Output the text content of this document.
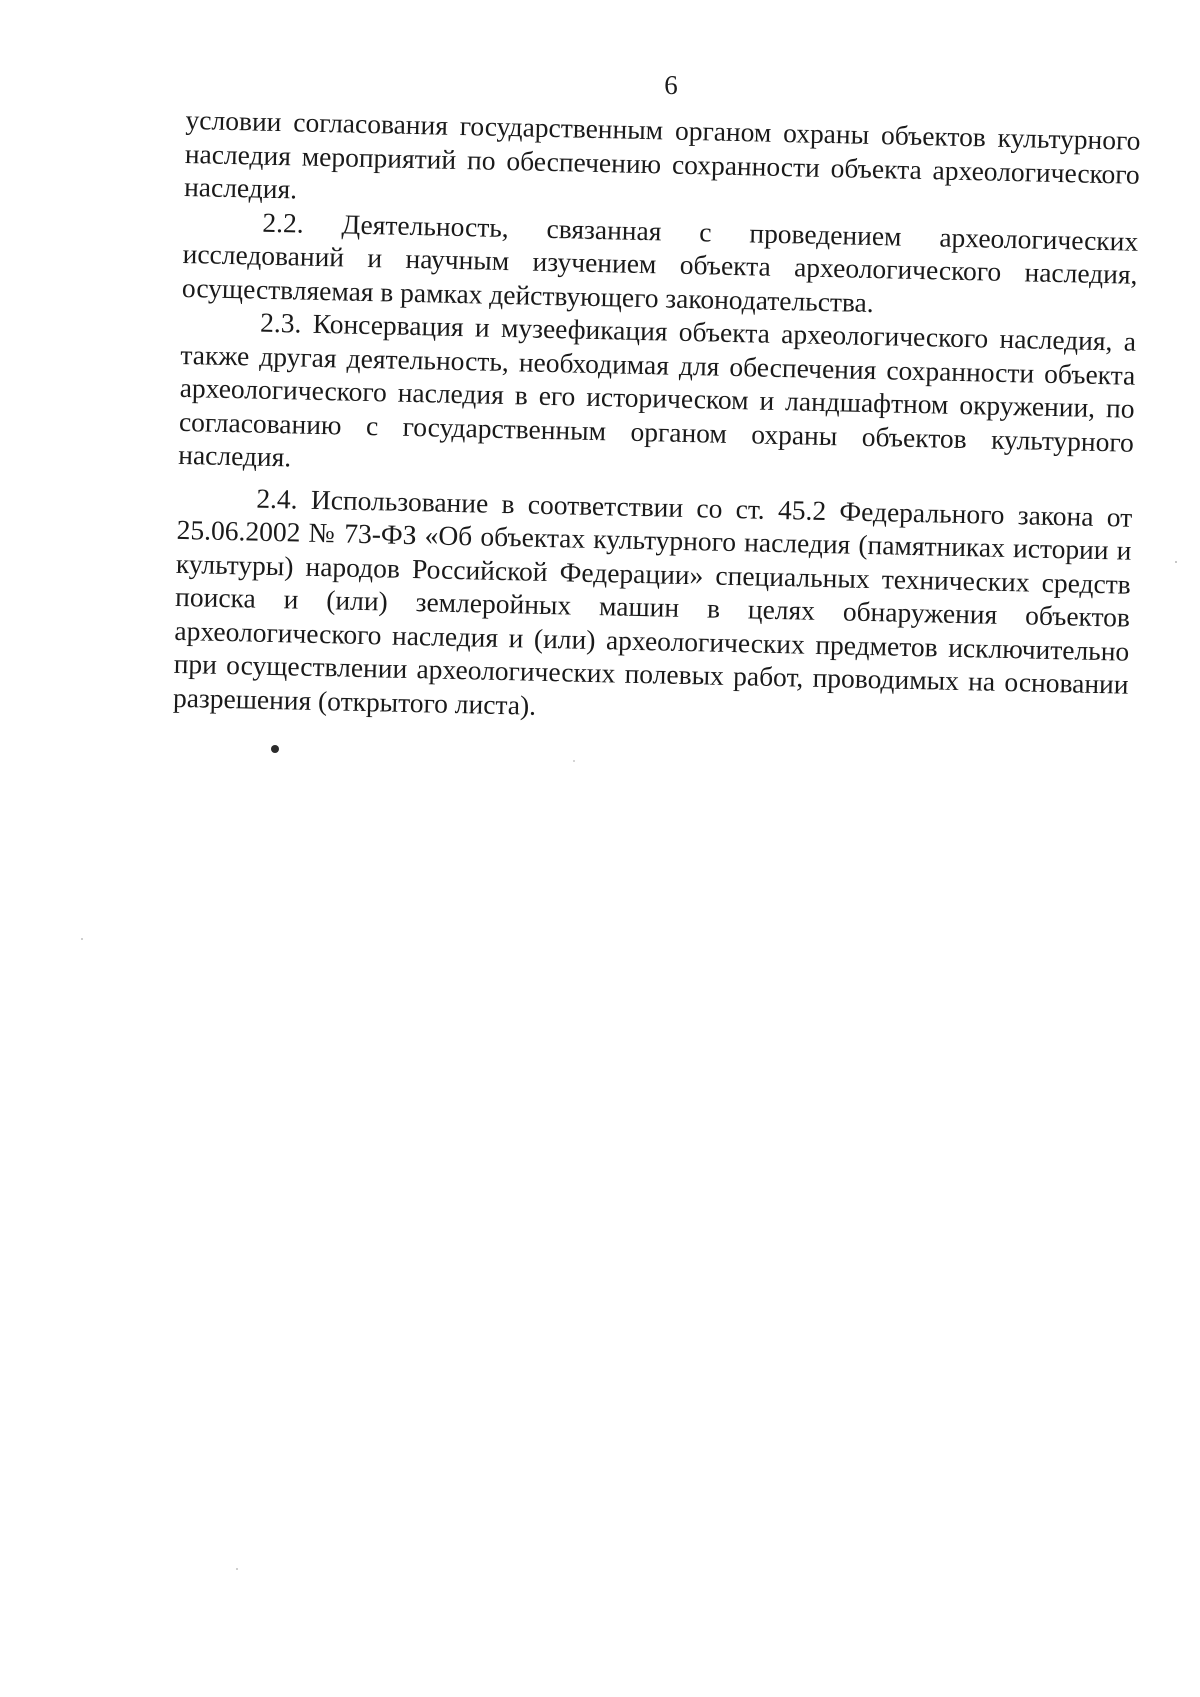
6

условии согласования государственным органом охраны объектов культурного наследия мероприятий по обеспечению сохранности объекта археологического наследия.

2.2. Деятельность, связанная с проведением археологических исследований и научным изучением объекта археологического наследия, осуществляемая в рамках действующего законодательства.

2.3. Консервация и музеефикация объекта археологического наследия, а также другая деятельность, необходимая для обеспечения сохранности объекта археологического наследия в его историческом и ландшафтном окружении, по согласованию с государственным органом охраны объектов культурного наследия.

2.4. Использование в соответствии со ст. 45.2 Федерального закона от 25.06.2002 № 73-ФЗ «Об объектах культурного наследия (памятниках истории и культуры) народов Российской Федерации» специальных технических средств поиска и (или) землеройных машин в целях обнаружения объектов археологического наследия и (или) археологических предметов исключительно при осуществлении археологических полевых работ, проводимых на основании разрешения (открытого листа).
